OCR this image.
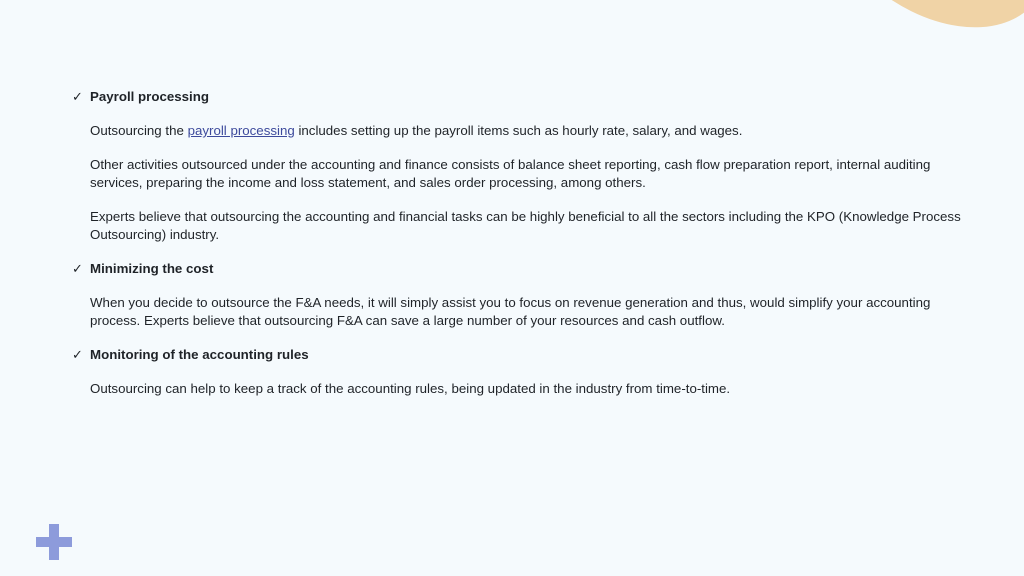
✓ Payroll processing
Outsourcing the payroll processing includes setting up the payroll items such as hourly rate, salary, and wages.
Other activities outsourced under the accounting and finance consists of balance sheet reporting, cash flow preparation report, internal auditing services, preparing the income and loss statement, and sales order processing, among others.
Experts believe that outsourcing the accounting and financial tasks can be highly beneficial to all the sectors including the KPO (Knowledge Process Outsourcing) industry.
✓ Minimizing the cost
When you decide to outsource the F&A needs, it will simply assist you to focus on revenue generation and thus, would simplify your accounting process. Experts believe that outsourcing F&A can save a large number of your resources and cash outflow.
✓ Monitoring of the accounting rules
Outsourcing can help to keep a track of the accounting rules, being updated in the industry from time-to-time.
